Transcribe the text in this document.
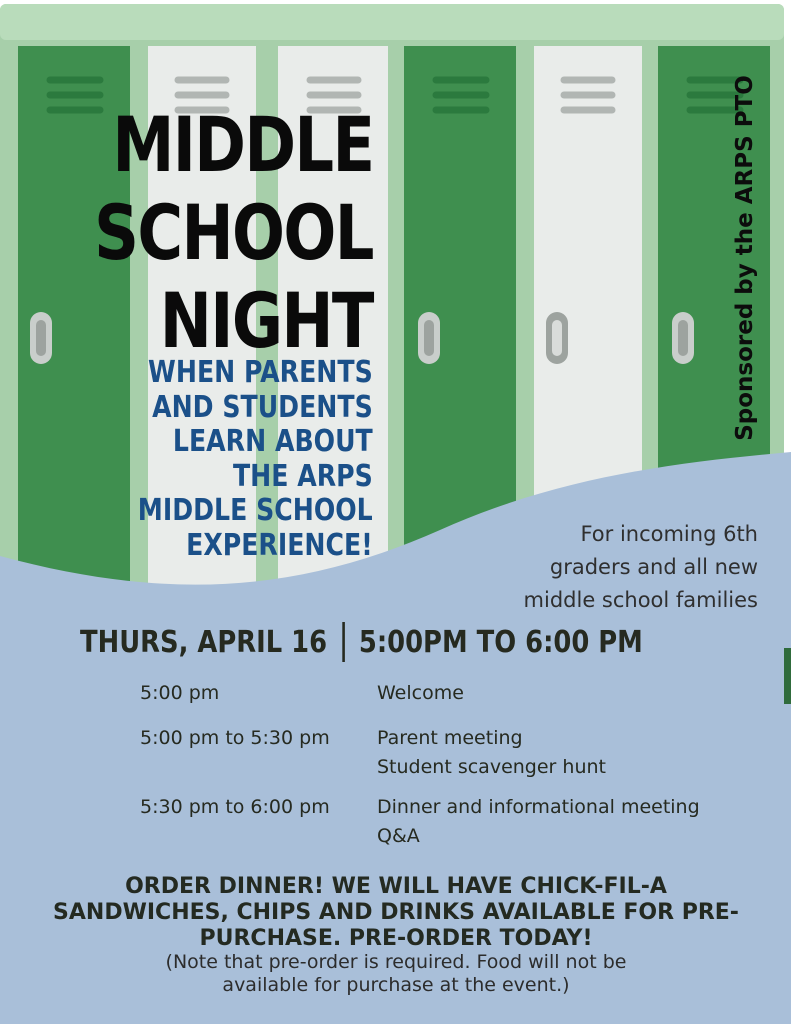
MIDDLE
SCHOOL
NIGHT
WHEN PARENTS
AND STUDENTS
LEARN ABOUT
THE ARPS
MIDDLE SCHOOL
EXPERIENCE!
Sponsored by the ARPS PTO
For incoming 6th
graders and all new
middle school families
THURS, APRIL 16 5:00PM TO 6:00 PM
5:00 pm	Welcome
5:00 pm to 5:30 pm Parent meeting
Student scavenger hunt
5:30 pm to 6:00 pm Dinner and informational meeting
Q&A
ORDER DINNER! WE WILL HAVE CHICK-FIL-A
SANDWICHES, CHIPS AND DRINKS AVAILABLE FOR PRE-
PURCHASE. PRE-ORDER TODAY!
(Note that pre-order is required. Food will not be
available for purchase at the event.)
